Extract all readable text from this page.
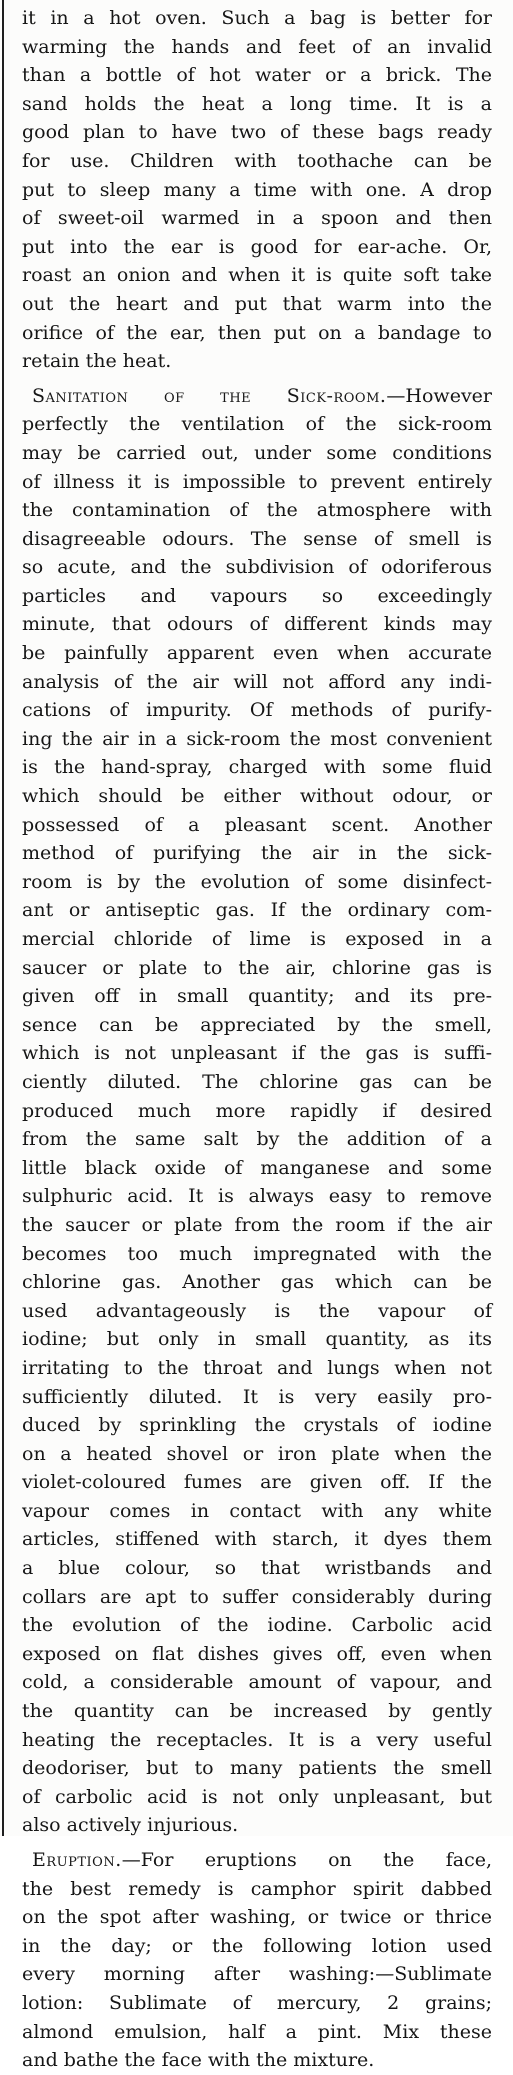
it in a hot oven. Such a bag is better for
warming the hands and feet of an invalid
than a bottle of hot water or a brick. The
sand holds the heat a long time. It is a
good plan to have two of these bags ready
for use. Children with toothache can be
put to sleep many a time with one. A drop
of sweet-oil warmed in a spoon and then
put into the ear is good for ear-ache. Or,
roast an onion and when it is quite soft take
out the heart and put that warm into the
orifice of the ear, then put on a bandage to
retain the heat.
Sanitation of the Sick-room.—However
perfectly the ventilation of the sick-room
may be carried out, under some conditions
of illness it is impossible to prevent entirely
the contamination of the atmosphere with
disagreeable odours. The sense of smell is
so acute, and the subdivision of odoriferous
particles and vapours so exceedingly
minute, that odours of different kinds may
be painfully apparent even when accurate
analysis of the air will not afford any indi-
cations of impurity. Of methods of purify-
ing the air in a sick-room the most convenient
is the hand-spray, charged with some fluid
which should be either without odour, or
possessed of a pleasant scent. Another
method of purifying the air in the sick-
room is by the evolution of some disinfect-
ant or antiseptic gas. If the ordinary com-
mercial chloride of lime is exposed in a
saucer or plate to the air, chlorine gas is
given off in small quantity; and its pre-
sence can be appreciated by the smell,
which is not unpleasant if the gas is suffi-
ciently diluted. The chlorine gas can be
produced much more rapidly if desired
from the same salt by the addition of a
little black oxide of manganese and some
sulphuric acid. It is always easy to remove
the saucer or plate from the room if the air
becomes too much impregnated with the
chlorine gas. Another gas which can be
used advantageously is the vapour of
iodine; but only in small quantity, as its
irritating to the throat and lungs when not
sufficiently diluted. It is very easily pro-
duced by sprinkling the crystals of iodine
on a heated shovel or iron plate when the
violet-coloured fumes are given off. If the
vapour comes in contact with any white
articles, stiffened with starch, it dyes them
a blue colour, so that wristbands and
collars are apt to suffer considerably during
the evolution of the iodine. Carbolic acid
exposed on flat dishes gives off, even when
cold, a considerable amount of vapour, and
the quantity can be increased by gently
heating the receptacles. It is a very useful
deodoriser, but to many patients the smell
of carbolic acid is not only unpleasant, but
also actively injurious.
Eruption.—For eruptions on the face,
the best remedy is camphor spirit dabbed
on the spot after washing, or twice or thrice
in the day; or the following lotion used
every morning after washing:—Sublimate
lotion: Sublimate of mercury, 2 grains;
almond emulsion, half a pint. Mix these
and bathe the face with the mixture.
